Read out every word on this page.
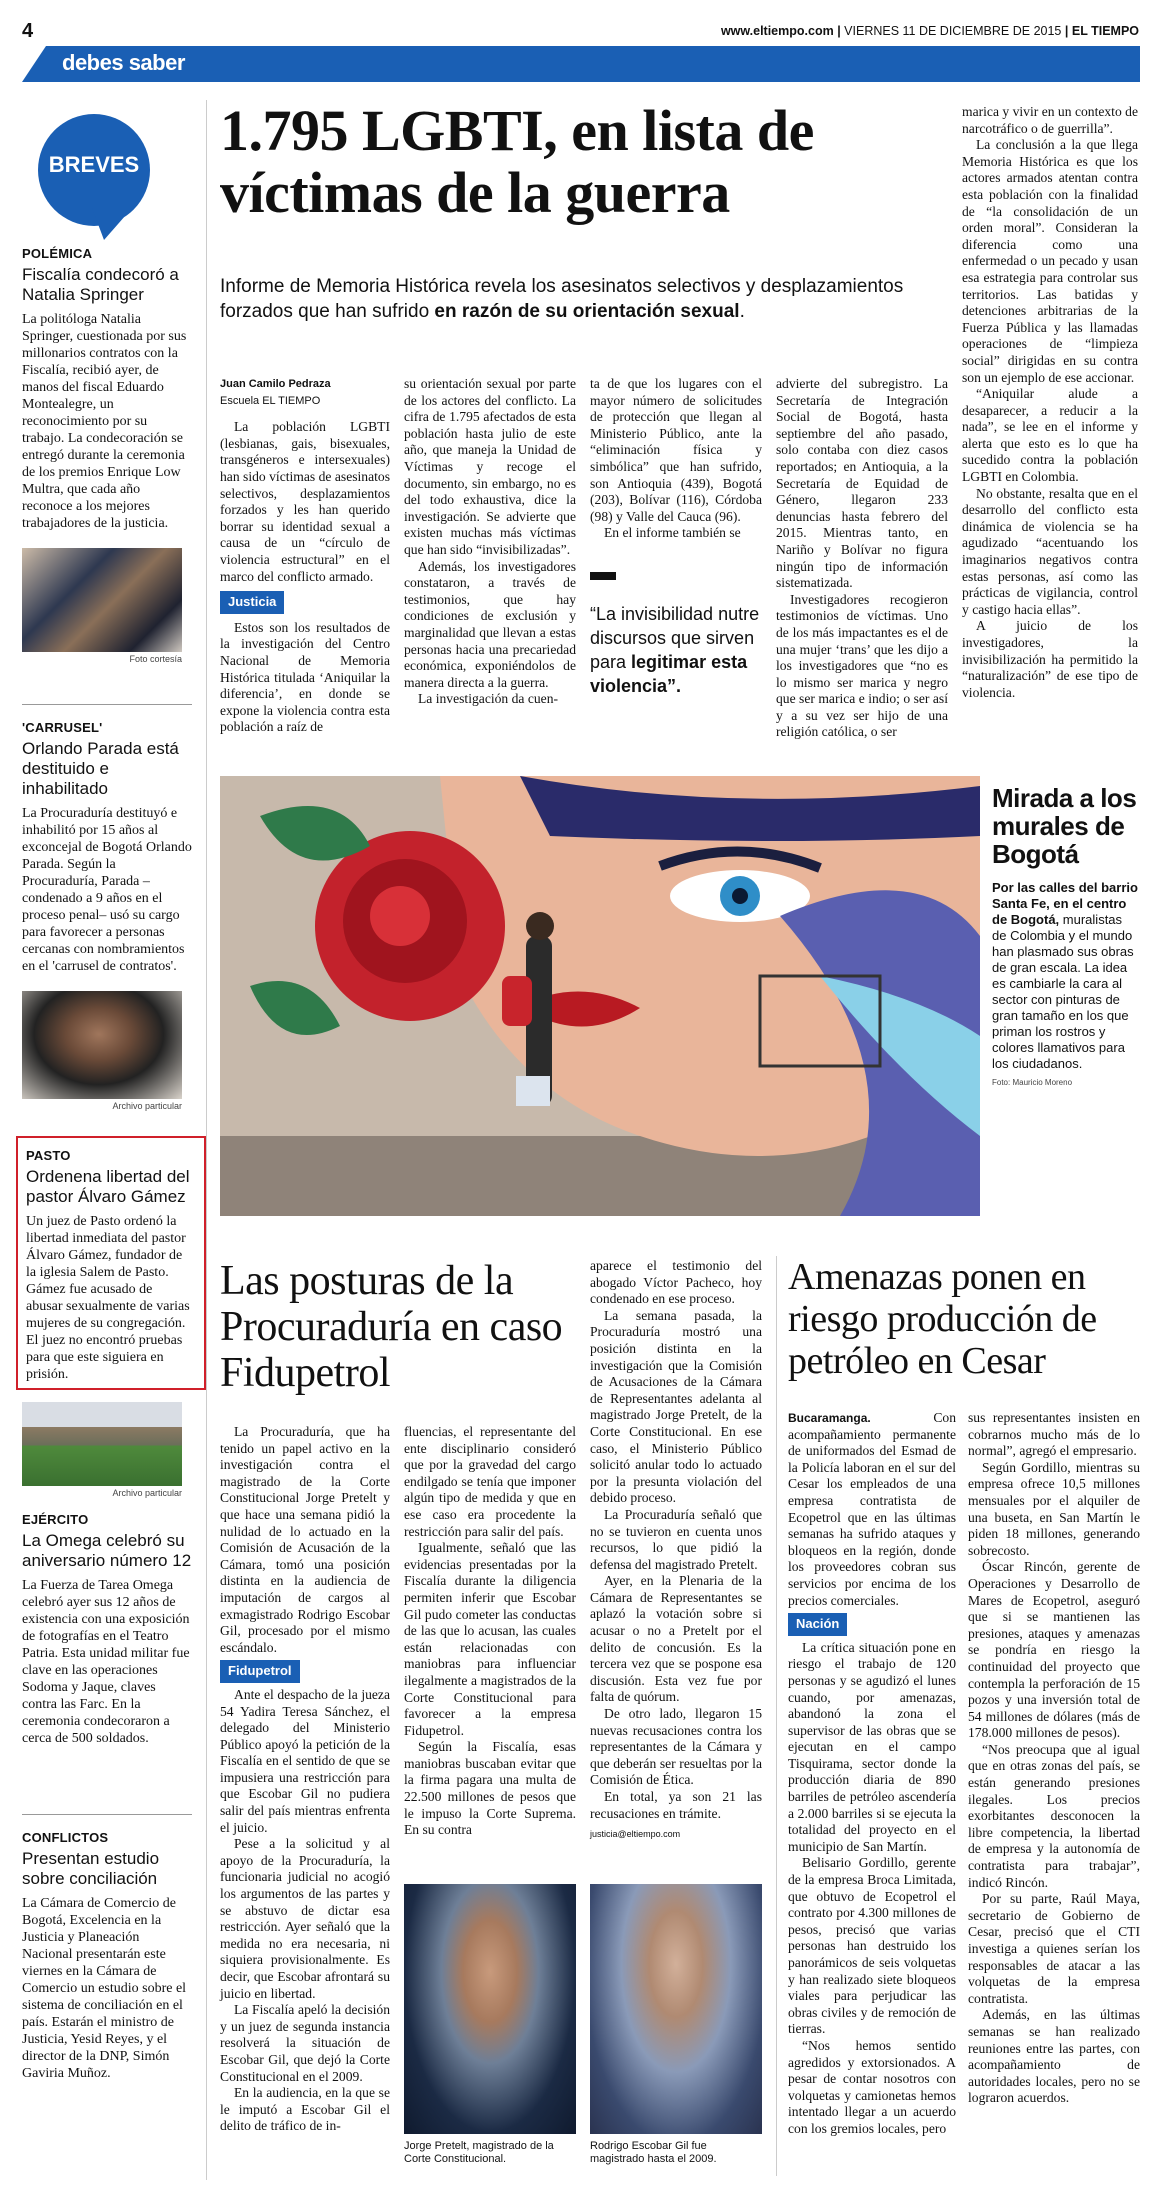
4	www.eltiempo.com | VIERNES 11 DE DICIEMBRE DE 2015 | EL TIEMPO
debes saber
BREVES
POLÉMICA
Fiscalía condecoró a Natalia Springer
La politóloga Natalia Springer, cuestionada por sus millonarios contratos con la Fiscalía, recibió ayer, de manos del fiscal Eduardo Montealegre, un reconocimiento por su trabajo. La condecoración se entregó durante la ceremonia de los premios Enrique Low Multra, que cada año reconoce a los mejores trabajadores de la justicia.
Foto cortesía
'CARRUSEL'
Orlando Parada está destituido e inhabilitado
La Procuraduría destituyó e inhabilitó por 15 años al exconcejal de Bogotá Orlando Parada. Según la Procuraduría, Parada –condenado a 9 años en el proceso penal– usó su cargo para favorecer a personas cercanas con nombramientos en el 'carrusel de contratos'.
Archivo particular
PASTO
Ordenena libertad del pastor Álvaro Gámez
Un juez de Pasto ordenó la libertad inmediata del pastor Álvaro Gámez, fundador de la iglesia Salem de Pasto. Gámez fue acusado de abusar sexualmente de varias mujeres de su congregación. El juez no encontró pruebas para que este siguiera en prisión.
Archivo particular
EJÉRCITO
La Omega celebró su aniversario número 12
La Fuerza de Tarea Omega celebró ayer sus 12 años de existencia con una exposición de fotografías en el Teatro Patria. Esta unidad militar fue clave en las operaciones Sodoma y Jaque, claves contra las Farc. En la ceremonia condecoraron a cerca de 500 soldados.
CONFLICTOS
Presentan estudio sobre conciliación
La Cámara de Comercio de Bogotá, Excelencia en la Justicia y Planeación Nacional presentarán este viernes en la Cámara de Comercio un estudio sobre el sistema de conciliación en el país. Estarán el ministro de Justicia, Yesid Reyes, y el director de la DNP, Simón Gaviria Muñoz.
1.795 LGBTI, en lista de víctimas de la guerra
Informe de Memoria Histórica revela los asesinatos selectivos y desplazamientos forzados que han sufrido en razón de su orientación sexual.
Juan Camilo Pedraza
Escuela EL TIEMPO

La población LGBTI (lesbianas, gais, bisexuales, transgéneros e intersexuales) han sido víctimas de asesinatos selectivos, desplazamientos forzados y les han querido borrar su identidad sexual a causa de un “círculo de violencia estructural” en el marco del conflicto armado.

Justicia

Estos son los resultados de la investigación del Centro Nacional de Memoria Histórica titulada ‘Aniquilar la diferencia’, en donde se expone la violencia contra esta población a raíz de

su orientación sexual por parte de los actores del conflicto. La cifra de 1.795 afectados de esta población hasta julio de este año, que maneja la Unidad de Víctimas y recoge el documento, sin embargo, no es del todo exhaustiva, dice la investigación. Se advierte que existen muchas más víctimas que han sido “invisibilizadas”.

Además, los investigadores constataron, a través de testimonios, que hay condiciones de exclusión y marginalidad que llevan a estas personas hacia una precariedad económica, exponiéndolos de manera directa a la guerra.

La investigación da cuen-

ta de que los lugares con el mayor número de solicitudes de protección que llegan al Ministerio Público, ante la “eliminación física y simbólica” que han sufrido, son Antioquia (439), Bogotá (203), Bolívar (116), Córdoba (98) y Valle del Cauca (96).

En el informe también se

“La invisibilidad nutre discursos que sirven para legitimar esta violencia”.

advierte del subregistro. La Secretaría de Integración Social de Bogotá, hasta septiembre del año pasado, solo contaba con diez casos reportados; en Antioquia, a la Secretaría de Equidad de Género, llegaron 233 denuncias hasta febrero del 2015. Mientras tanto, en Nariño y Bolívar no figura ningún tipo de información sistematizada.

Investigadores recogieron testimonios de víctimas. Uno de los más impactantes es el de una mujer ‘trans’ que les dijo a los investigadores que “no es lo mismo ser marica y negro que ser marica e indio; o ser así y a su vez ser hijo de una religión católica, o ser

marica y vivir en un contexto de narcotráfico o de guerrilla”.

La conclusión a la que llega Memoria Histórica es que los actores armados atentan contra esta población con la finalidad de “la consolidación de un orden moral”. Consideran la diferencia como una enfermedad o un pecado y usan esa estrategia para controlar sus territorios. Las batidas y detenciones arbitrarias de la Fuerza Pública y las llamadas operaciones de “limpieza social” dirigidas en su contra son un ejemplo de ese accionar.

“Aniquilar alude a desaparecer, a reducir a la nada”, se lee en el informe y alerta que esto es lo que ha sucedido contra la población LGBTI en Colombia.

No obstante, resalta que en el desarrollo del conflicto esta dinámica de violencia se ha agudizado “acentuando los imaginarios negativos contra estas personas, así como las prácticas de vigilancia, control y castigo hacia ellas”.

A juicio de los investigadores, la invisibilización ha permitido la “naturalización” de ese tipo de violencia.

Mirada a los murales de Bogotá
Por las calles del barrio Santa Fe, en el centro de Bogotá, muralistas de Colombia y el mundo han plasmado sus obras de gran escala. La idea es cambiarle la cara al sector con pinturas de gran tamaño en los que priman los rostros y colores llamativos para los ciudadanos.
Foto: Mauricio Moreno
Las posturas de la Procuraduría en caso Fidupetrol

La Procuraduría, que ha tenido un papel activo en la investigación contra el magistrado de la Corte Constitucional Jorge Pretelt y que hace una semana pidió la nulidad de lo actuado en la Comisión de Acusación de la Cámara, tomó una posición distinta en la audiencia de imputación de cargos al exmagistrado Rodrigo Escobar Gil, procesado por el mismo escándalo.

Fidupetrol

Ante el despacho de la jueza 54 Yadira Teresa Sánchez, el delegado del Ministerio Público apoyó la petición de la Fiscalía en el sentido de que se impusiera una restricción para que Escobar Gil no pudiera salir del país mientras enfrenta el juicio.

Pese a la solicitud y al apoyo de la Procuraduría, la funcionaria judicial no acogió los argumentos de las partes y se abstuvo de dictar esa restricción. Ayer señaló que la medida no era necesaria, ni siquiera provisionalmente. Es decir, que Escobar afrontará su juicio en libertad.

La Fiscalía apeló la decisión y un juez de segunda instancia resolverá la situación de Escobar Gil, que dejó la Corte Constitucional en el 2009.

En la audiencia, en la que se le imputó a Escobar Gil el delito de tráfico de in-

fluencias, el representante del ente disciplinario consideró que por la gravedad del cargo endilgado se tenía que imponer algún tipo de medida y que en ese caso era procedente la restricción para salir del país.

Igualmente, señaló que las evidencias presentadas por la Fiscalía durante la diligencia permiten inferir que Escobar Gil pudo cometer las conductas de las que lo acusan, las cuales están relacionadas con maniobras para influenciar ilegalmente a magistrados de la Corte Constitucional para favorecer a la empresa Fidupetrol.

Según la Fiscalía, esas maniobras buscaban evitar que la firma pagara una multa de 22.500 millones de pesos que le impuso la Corte Suprema. En su contra

aparece el testimonio del abogado Víctor Pacheco, hoy condenado en ese proceso.

La semana pasada, la Procuraduría mostró una posición distinta en la investigación que la Comisión de Acusaciones de la Cámara de Representantes adelanta al magistrado Jorge Pretelt, de la Corte Constitucional. En ese caso, el Ministerio Público solicitó anular todo lo actuado por la presunta violación del debido proceso.

La Procuraduría señaló que no se tuvieron en cuenta unos recursos, lo que pidió la defensa del magistrado Pretelt.

Ayer, en la Plenaria de la Cámara de Representantes se aplazó la votación sobre si acusar o no a Pretelt por el delito de concusión. Es la tercera vez que se pospone esa discusión. Esta vez fue por falta de quórum.

De otro lado, llegaron 15 nuevas recusaciones contra los representantes de la Cámara y que deberán ser resueltas por la Comisión de Ética.

En total, ya son 21 las recusaciones en trámite.

justicia@eltiempo.com
Jorge Pretelt, magistrado de la Corte Constitucional.
Rodrigo Escobar Gil fue magistrado hasta el 2009.
Amenazas ponen en riesgo producción de petróleo en Cesar

Bucaramanga.	Con acompañamiento permanente de uniformados del Esmad de la Policía laboran en el sur del Cesar los empleados de una empresa contratista de Ecopetrol que en las últimas semanas ha sufrido ataques y bloqueos en la región, donde los proveedores cobran sus servicios por encima de los precios comerciales.

Nación

La crítica situación pone en riesgo el trabajo de 120 personas y se agudizó el lunes cuando, por amenazas, abandonó la zona el supervisor de las obras que se ejecutan en el campo Tisquirama, sector donde la producción diaria de 890 barriles de petróleo ascendería a 2.000 barriles si se ejecuta la totalidad del proyecto en el municipio de San Martín.

Belisario Gordillo, gerente de la empresa Broca Limitada, que obtuvo de Ecopetrol el contrato por 4.300 millones de pesos, precisó que varias personas han destruido los panorámicos de seis volquetas y han realizado siete bloqueos viales para perjudicar las obras civiles y de remoción de tierras.

“Nos hemos sentido agredidos y extorsionados. A pesar de contar nosotros con volquetas y camionetas hemos intentado llegar a un acuerdo con los gremios locales, pero

sus representantes insisten en cobrarnos mucho más de lo normal”, agregó el empresario.

Según Gordillo, mientras su empresa ofrece 10,5 millones mensuales por el alquiler de una buseta, en San Martín le piden 18 millones, generando sobrecosto.

Óscar Rincón, gerente de Operaciones y Desarrollo de Mares de Ecopetrol, aseguró que si se mantienen las presiones, ataques y amenazas se pondría en riesgo la continuidad del proyecto que contempla la perforación de 15 pozos y una inversión total de 54 millones de dólares (más de 178.000 millones de pesos).

“Nos preocupa que al igual que en otras zonas del país, se están generando presiones ilegales. Los precios exorbitantes desconocen la libre competencia, la libertad de empresa y la autonomía de contratista para trabajar”, indicó Rincón.

Por su parte, Raúl Maya, secretario de Gobierno de Cesar, precisó que el CTI investiga a quienes serían los responsables de atacar a las volquetas de la empresa contratista.

Además, en las últimas semanas se han realizado reuniones entre las partes, con acompañamiento de autoridades locales, pero no se lograron acuerdos.
